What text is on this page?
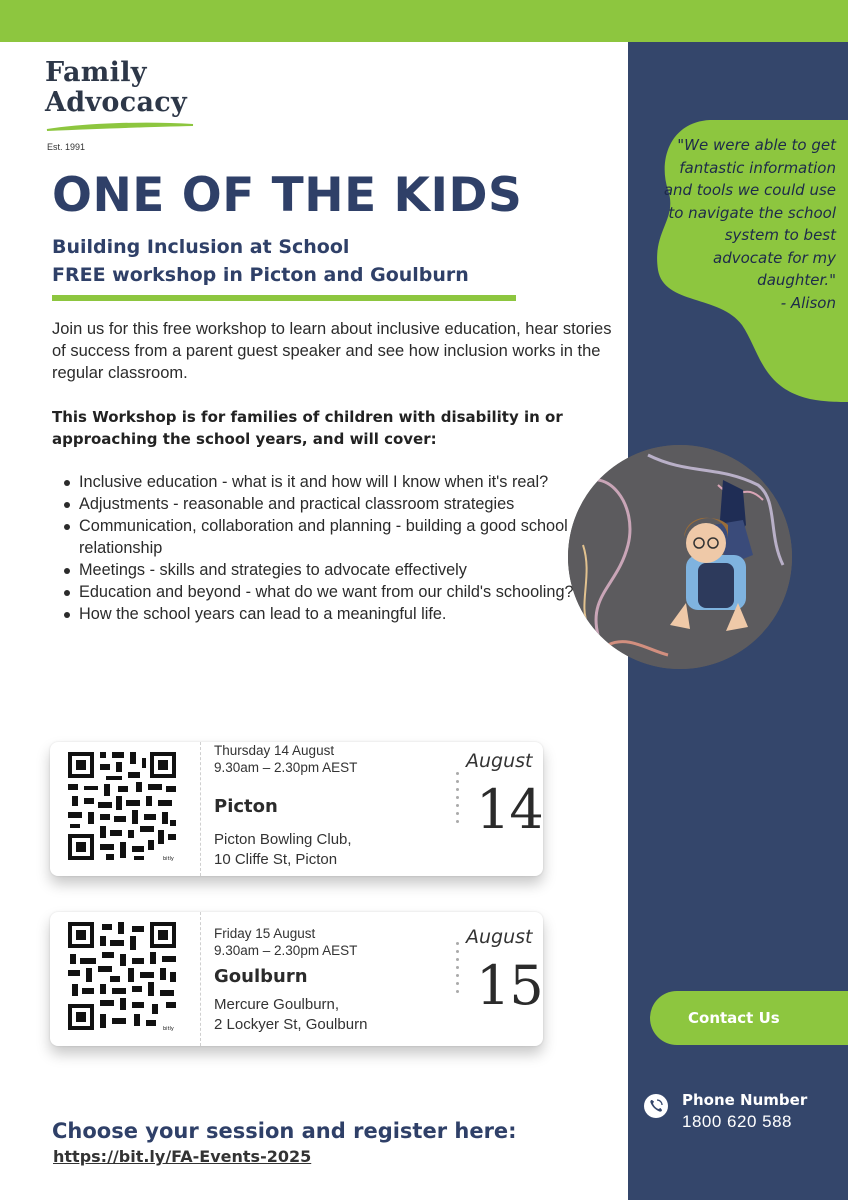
"We were able to get fantastic information and tools we could use to navigate the school system to best advocate for my daughter."
- Alison
Family
Advocacy
Est. 1991
ONE OF THE KIDS
Building Inclusion at School
FREE workshop in Picton and Goulburn

Join us for this free workshop to learn about inclusive education, hear stories of success from a parent guest speaker and see how inclusion works in the regular classroom.

This Workshop is for families of children with disability in or approaching the school years, and will cover:

Inclusive education - what is it and how will I know when it's real?
Adjustments - reasonable and practical classroom strategies
Communication, collaboration and planning - building a good school relationship
Meetings - skills and strategies to advocate effectively
Education and beyond - what do we want from our child's schooling?
How the school years can lead to a meaningful life.
bitly
Thursday 14 August
9.30am – 2.30pm AEST
Picton
Picton Bowling Club,
10 Cliffe St, Picton
August
14
bitly
Friday 15 August
9.30am – 2.30pm AEST
Goulburn
Mercure Goulburn,
2 Lockyer St, Goulburn
August
15
Choose your session and register here:
https://bit.ly/FA-Events-2025
Contact Us
Phone Number
1800 620 588
